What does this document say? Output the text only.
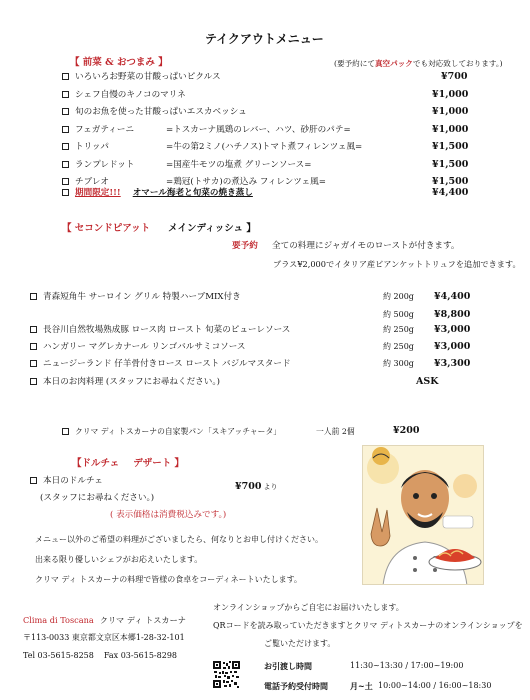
テイクアウトメニュー
【 前菜 & おつまみ 】	(要予約にて真空パックでも対応致しております。)
いろいろお野菜の甘酸っぱいピクルス	¥700
シェフ自慢のキノコのマリネ	¥1,000
旬のお魚を使った甘酸っぱいエスカベッシュ	¥1,000
フェガティーニ	=トスカーナ風鶏のレバー、ハツ、砂肝のパテ=	¥1,000
トリッパ	=牛の第2ミノ(ハチノス)トマト煮フィレンツェ風=	¥1,500
ランプレドット	=国産牛モツの塩煮 グリーンソース=	¥1,500
チブレオ	=鶏冠(トサカ)の煮込み フィレンツェ風=	¥1,500
期間限定!!! オマール海老と旬菜の焼き蒸し	¥4,400
【 セコンドピアット メインディッシュ 】
要予約 全ての料理にジャガイモのローストが付きます。
プラス¥2,000でイタリア産ビアンケットトリュフを追加できます。
青森短角牛 サーロイン グリル 特製ハーブMIX付き	約 200g ¥4,400
約 500g ¥8,800
長谷川自然牧場熟成豚 ロース肉 ロースト 旬菜のピューレソース	約 250g ¥3,000
ハンガリー マグレカナール リンゴバルサミコソース	約 250g ¥3,000
ニュージーランド 仔羊骨付きロース ロースト バジルマスタード	約 300g ¥3,300
本日のお肉料理 (スタッフにお尋ねください。)	ASK
クリマ ディ トスカーナの自家製パン「スキアッチャータ」	一人前 2個	¥200
【ドルチェ デザート 】
本日のドルチェ	¥700 より
(スタッフにお尋ねください。)
( 表示価格は消費税込みです。)
メニュー以外のご希望の料理がございましたら、何なりとお申し付けください。
出来る限り優しいシェフがお応えいたします。
クリマ ディ トスカーナの料理で皆様の食卓をコーディネートいたします。
Clima di Toscana クリマ ディ トスカーナ
〒113-0033 東京都文京区本郷1-28-32-101
Tel 03-5615-8258 Fax 03-5615-8298
オンラインショップからご自宅にお届けいたします。
QRコードを読み取っていただきますとクリマ ディトスカーナのオンラインショップを
ご覧いただけます。
お引渡し時間	11:30~13:30 / 17:00~19:00
電話予約受付時間	月~土 10:00~14:00 / 16:00~18:30
